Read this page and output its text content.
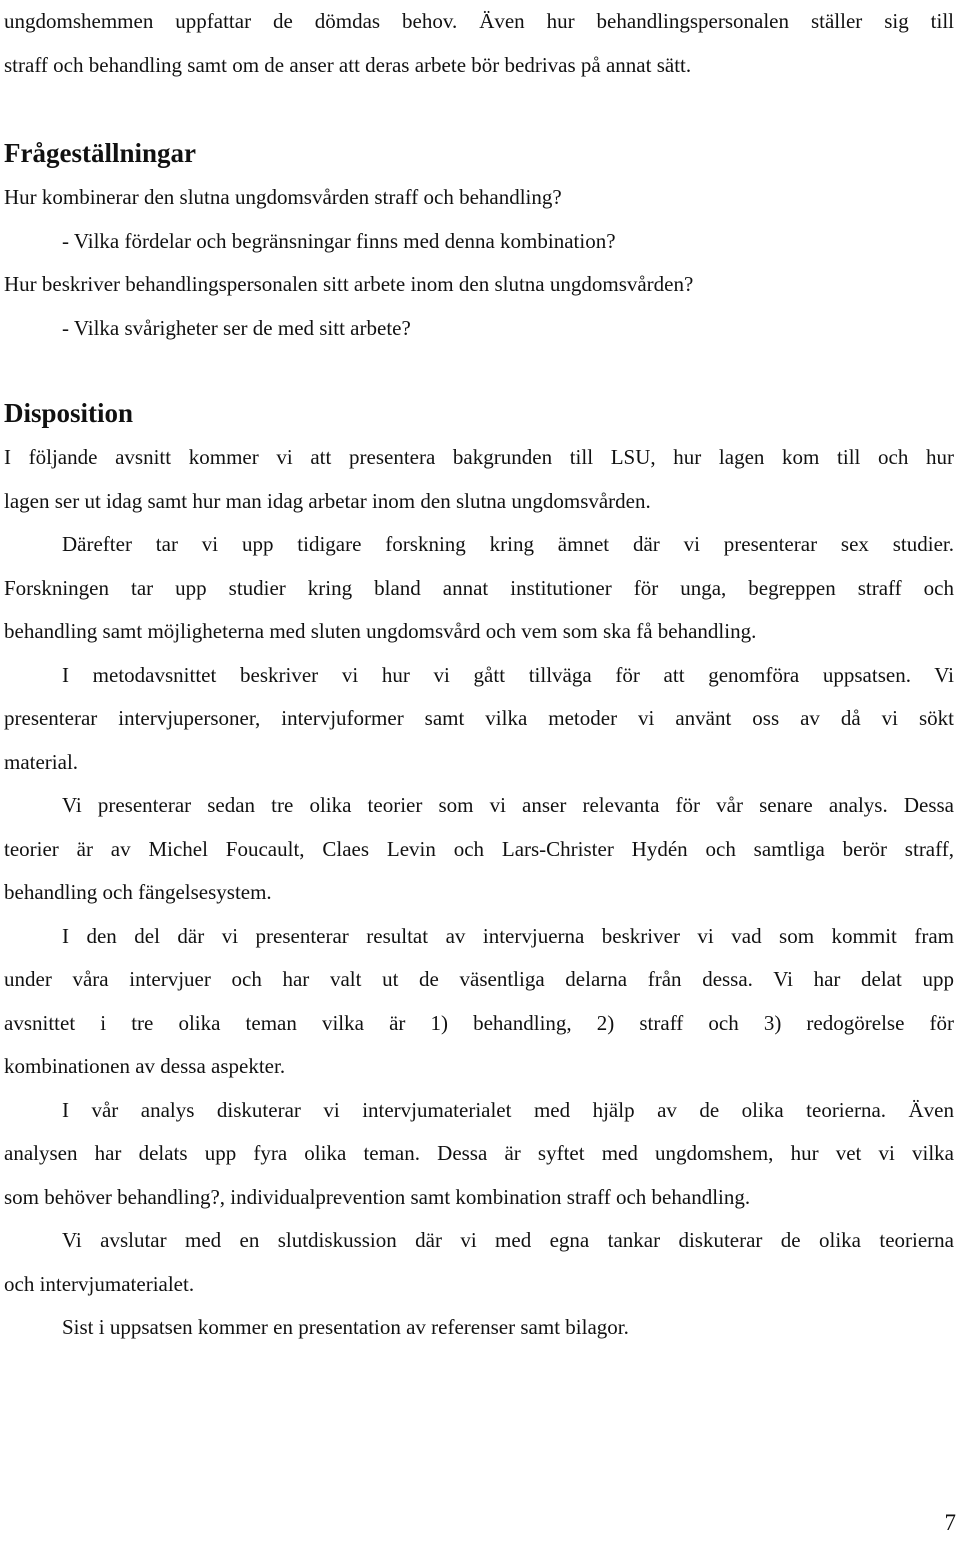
ungdomshemmen uppfattar de dömdas behov. Även hur behandlingspersonalen ställer sig till

straff och behandling samt om de anser att deras arbete bör bedrivas på annat sätt.

Frågeställningar

Hur kombinerar den slutna ungdomsvården straff och behandling?

- Vilka fördelar och begränsningar finns med denna kombination?

Hur beskriver behandlingspersonalen sitt arbete inom den slutna ungdomsvården?

- Vilka svårigheter ser de med sitt arbete?

Disposition

I följande avsnitt kommer vi att presentera bakgrunden till LSU, hur lagen kom till och hur

lagen ser ut idag samt hur man idag arbetar inom den slutna ungdomsvården.

Därefter tar vi upp tidigare forskning kring ämnet där vi presenterar sex studier.

Forskningen tar upp studier kring bland annat institutioner för unga, begreppen straff och

behandling samt möjligheterna med sluten ungdomsvård och vem som ska få behandling.

I metodavsnittet beskriver vi hur vi gått tillväga för att genomföra uppsatsen. Vi

presenterar intervjupersoner, intervjuformer samt vilka metoder vi använt oss av då vi sökt

material.

Vi presenterar sedan tre olika teorier som vi anser relevanta för vår senare analys. Dessa

teorier är av Michel Foucault, Claes Levin och Lars-Christer Hydén och samtliga berör straff,

behandling och fängelsesystem.

I den del där vi presenterar resultat av intervjuerna beskriver vi vad som kommit fram

under våra intervjuer och har valt ut de väsentliga delarna från dessa. Vi har delat upp

avsnittet i tre olika teman vilka är 1) behandling, 2) straff och 3) redogörelse för

kombinationen av dessa aspekter.

I vår analys diskuterar vi intervjumaterialet med hjälp av de olika teorierna. Även

analysen har delats upp fyra olika teman. Dessa är syftet med ungdomshem, hur vet vi vilka

som behöver behandling?, individualprevention samt kombination straff och behandling.

Vi avslutar med en slutdiskussion där vi med egna tankar diskuterar de olika teorierna

och intervjumaterialet.

Sist i uppsatsen kommer en presentation av referenser samt bilagor.

7
